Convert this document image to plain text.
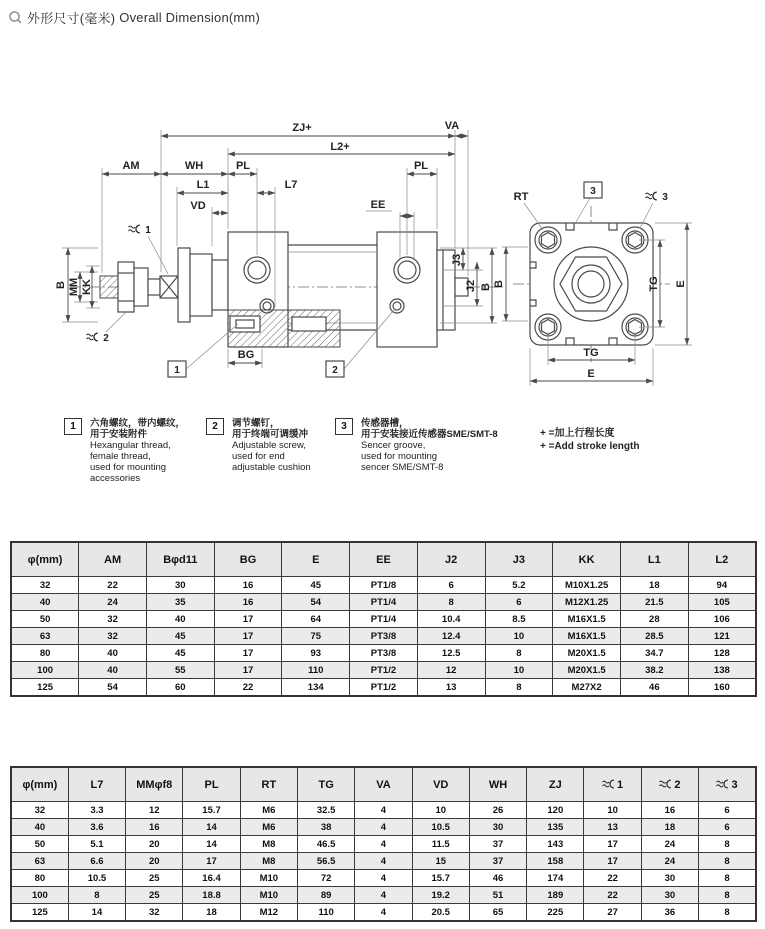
外形尺寸(毫米) Overall Dimension(mm)
ZJ+	VA
L2+
AM	WH	PL	PL
L1	L7
VD	EE
BG
B MM KK
J3
J2 B
1	2
1
2
TG E
TG
E
B
RT	3
3
1	六角螺纹，带内螺纹，
用于安装附件
Hexangular thread,
female thread,
used for mounting
accessories
2	调节螺钉，
用于终端可调缓冲
Adjustable screw,
used for end
adjustable cushion
3	传感器槽，
用于安装接近传感器SME/SMT-8
Sencer groove,
used for mounting
sencer SME/SMT-8
+ =加上行程长度
+ =Add stroke length
φ(mm)	AM	Bφd11	BG	E	EE	J2	J3	KK	L1	L2
32	22	30	16	45	PT1/8	6	5.2	M10X1.25	18	94
40	24	35	16	54	PT1/4	8	6	M12X1.25	21.5	105
50	32	40	17	64	PT1/4	10.4	8.5	M16X1.5	28	106
63	32	45	17	75	PT3/8	12.4	10	M16X1.5	28.5	121
80	40	45	17	93	PT3/8	12.5	8	M20X1.5	34.7	128
100	40	55	17	110	PT1/2	12	10	M20X1.5	38.2	138
125	54	60	22	134	PT1/2	13	8	M27X2	46	160
φ(mm)	L7	MMφf8	PL	RT	TG	VA	VD	WH	ZJ	1	2	3
32	3.3	12	15.7	M6	32.5	4	10	26	120	10	16	6
40	3.6	16	14	M6	38	4	10.5	30	135	13	18	6
50	5.1	20	14	M8	46.5	4	11.5	37	143	17	24	8
63	6.6	20	17	M8	56.5	4	15	37	158	17	24	8
80	10.5	25	16.4	M10	72	4	15.7	46	174	22	30	8
100	8	25	18.8	M10	89	4	19.2	51	189	22	30	8
125	14	32	18	M12	110	4	20.5	65	225	27	36	8
